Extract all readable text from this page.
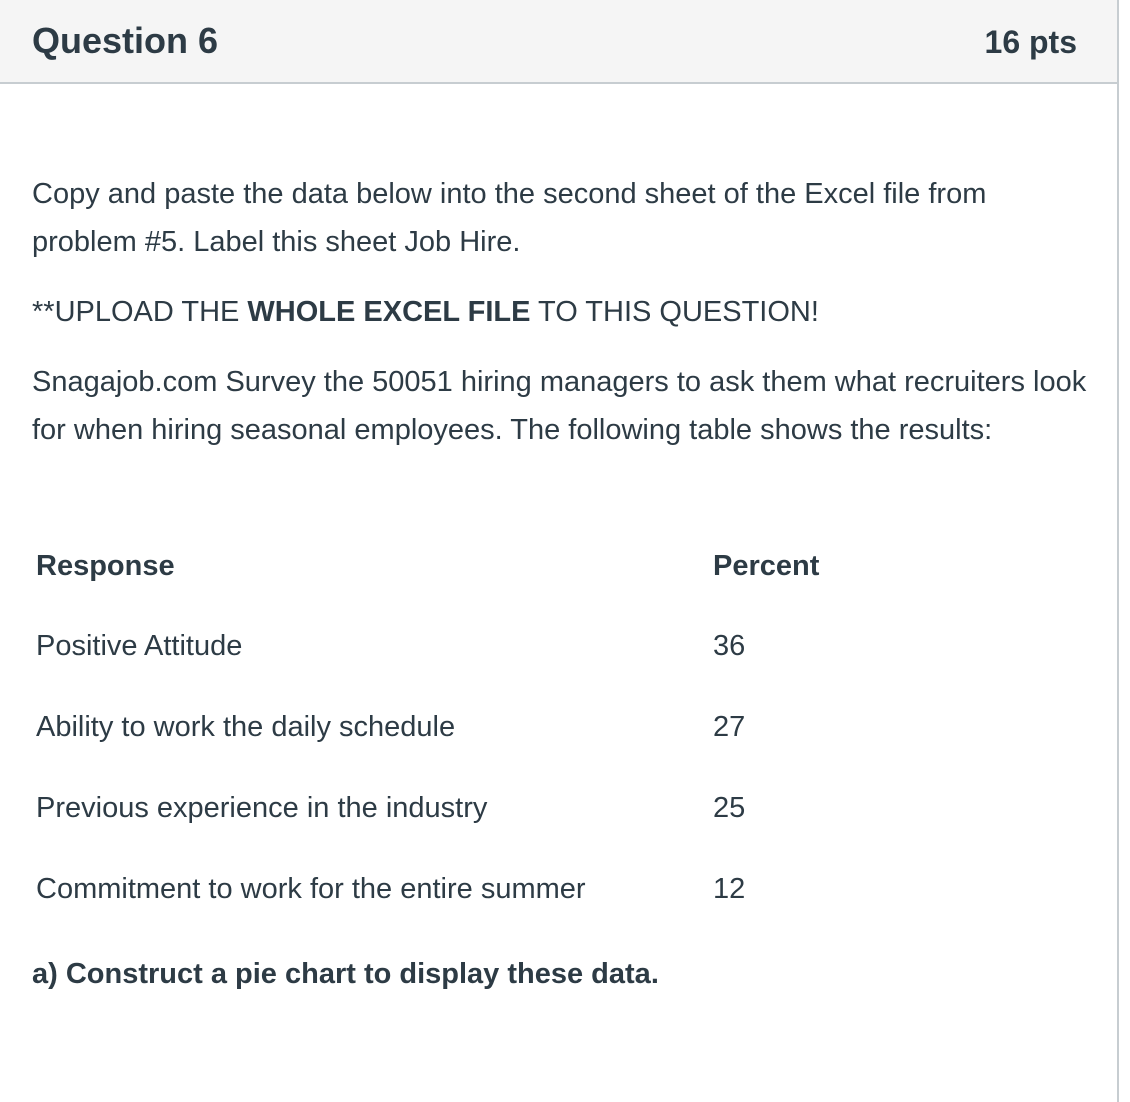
Question 6	16 pts

Copy and paste the data below into the second sheet of the Excel file from problem #5. Label this sheet Job Hire.

**UPLOAD THE WHOLE EXCEL FILE TO THIS QUESTION!

Snagajob.com Survey the 50051 hiring managers to ask them what recruiters look for when hiring seasonal employees. The following table shows the results:

Response	Percent
Positive Attitude	36
Ability to work the daily schedule	27
Previous experience in the industry	25
Commitment to work for the entire summer	12
a) Construct a pie chart to display these data.
